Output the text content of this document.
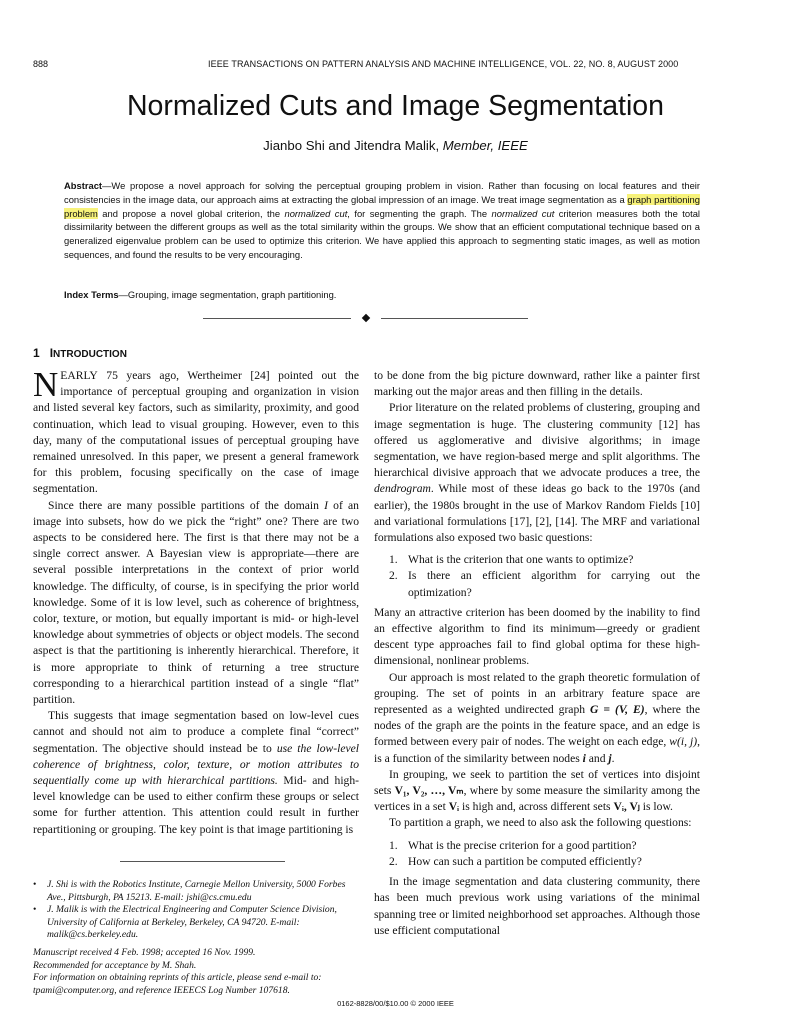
888	IEEE TRANSACTIONS ON PATTERN ANALYSIS AND MACHINE INTELLIGENCE, VOL. 22, NO. 8, AUGUST 2000
Normalized Cuts and Image Segmentation
Jianbo Shi and Jitendra Malik, Member, IEEE
Abstract—We propose a novel approach for solving the perceptual grouping problem in vision. Rather than focusing on local features and their consistencies in the image data, our approach aims at extracting the global impression of an image. We treat image segmentation as a graph partitioning problem and propose a novel global criterion, the normalized cut, for segmenting the graph. The normalized cut criterion measures both the total dissimilarity between the different groups as well as the total similarity within the groups. We show that an efficient computational technique based on a generalized eigenvalue problem can be used to optimize this criterion. We have applied this approach to segmenting static images, as well as motion sequences, and found the results to be very encouraging.
Index Terms—Grouping, image segmentation, graph partitioning.
1 INTRODUCTION

NEARLY 75 years ago, Wertheimer [24] pointed out the importance of perceptual grouping and organization in vision and listed several key factors, such as similarity, proximity, and good continuation, which lead to visual grouping. However, even to this day, many of the computational issues of perceptual grouping have remained unresolved. In this paper, we present a general framework for this problem, focusing specifically on the case of image segmentation.

Since there are many possible partitions of the domain I of an image into subsets, how do we pick the “right” one? There are two aspects to be considered here. The first is that there may not be a single correct answer. A Bayesian view is appropriate—there are several possible interpretations in the context of prior world knowledge. The difficulty, of course, is in specifying the prior world knowledge. Some of it is low level, such as coherence of brightness, color, texture, or motion, but equally important is mid- or high-level knowledge about symmetries of objects or object models. The second aspect is that the partitioning is inherently hierarchical. Therefore, it is more appropriate to think of returning a tree structure corresponding to a hierarchical partition instead of a single “flat” partition.

This suggests that image segmentation based on low-level cues cannot and should not aim to produce a complete final “correct” segmentation. The objective should instead be to use the low-level coherence of brightness, color, texture, or motion attributes to sequentially come up with hierarchical partitions. Mid- and high-level knowledge can be used to either confirm these groups or select some for further attention. This attention could result in further repartitioning or grouping. The key point is that image partitioning is

• J. Shi is with the Robotics Institute, Carnegie Mellon University, 5000 Forbes Ave., Pittsburgh, PA 15213. E-mail: jshi@cs.cmu.edu
• J. Malik is with the Electrical Engineering and Computer Science Division, University of California at Berkeley, Berkeley, CA 94720. E-mail: malik@cs.berkeley.edu.
Manuscript received 4 Feb. 1998; accepted 16 Nov. 1999.
Recommended for acceptance by M. Shah.
For information on obtaining reprints of this article, please send e-mail to: tpami@computer.org, and reference IEEECS Log Number 107618.

to be done from the big picture downward, rather like a painter first marking out the major areas and then filling in the details.

Prior literature on the related problems of clustering, grouping and image segmentation is huge. The clustering community [12] has offered us agglomerative and divisive algorithms; in image segmentation, we have region-based merge and split algorithms. The hierarchical divisive approach that we advocate produces a tree, the dendrogram. While most of these ideas go back to the 1970s (and earlier), the 1980s brought in the use of Markov Random Fields [10] and variational formulations [17], [2], [14]. The MRF and variational formulations also exposed two basic questions:

1. What is the criterion that one wants to optimize?
2. Is there an efficient algorithm for carrying out the optimization?

Many an attractive criterion has been doomed by the inability to find an effective algorithm to find its minimum—greedy or gradient descent type approaches fail to find global optima for these high-dimensional, nonlinear problems.

Our approach is most related to the graph theoretic formulation of grouping. The set of points in an arbitrary feature space are represented as a weighted undirected graph G = (V, E), where the nodes of the graph are the points in the feature space, and an edge is formed between every pair of nodes. The weight on each edge, w(i, j), is a function of the similarity between nodes i and j.

In grouping, we seek to partition the set of vertices into disjoint sets V₁, V₂, …, Vₘ, where by some measure the similarity among the vertices in a set Vᵢ is high and, across different sets Vᵢ, Vⱼ is low.

To partition a graph, we need to also ask the following questions:

1. What is the precise criterion for a good partition?
2. How can such a partition be computed efficiently?

In the image segmentation and data clustering community, there has been much previous work using variations of the minimal spanning tree or limited neighborhood set approaches. Although those use efficient computational

0162-8828/00/$10.00 © 2000 IEEE
